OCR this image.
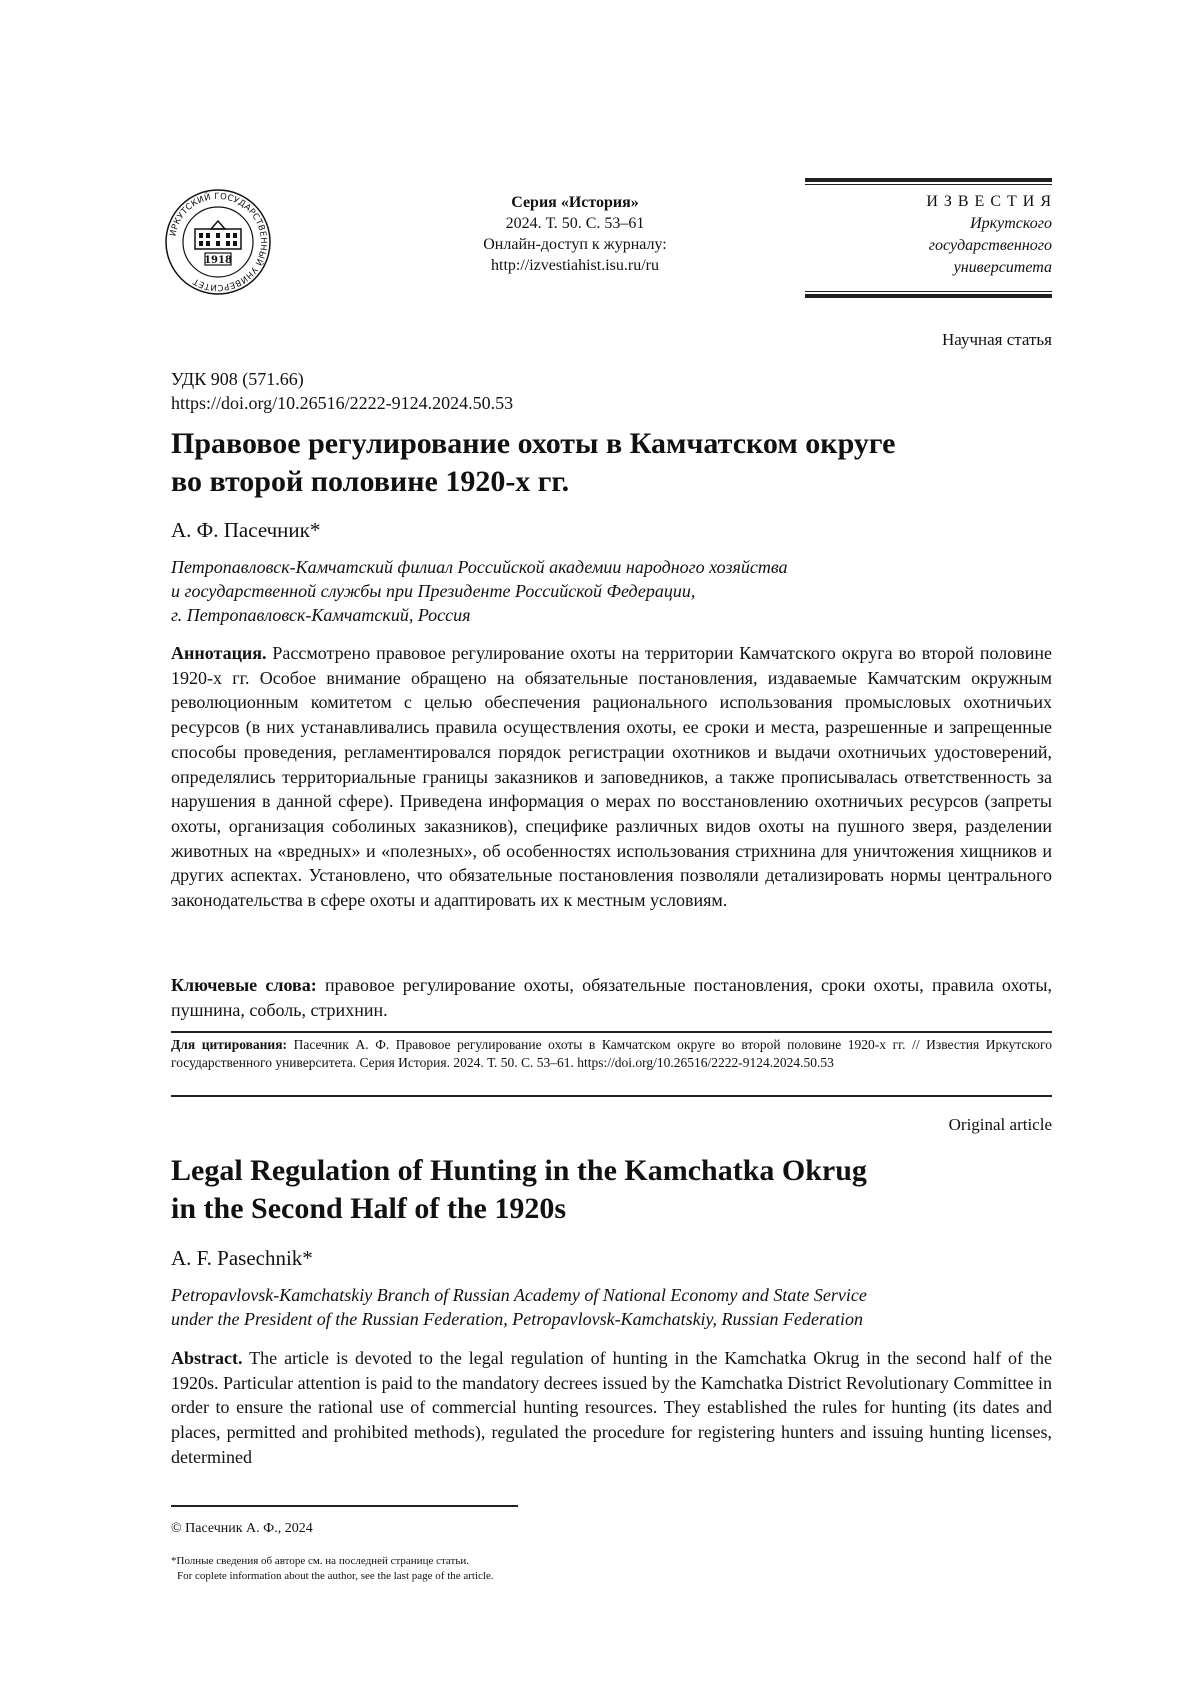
ИРКУТСКИЙ ГОСУДАРСТВЕННЫЙ УНИВЕРСИТЕТ
1918
Серия «История»
2024. Т. 50. С. 53–61
Онлайн-доступ к журналу:
http://izvestiahist.isu.ru/ru
И З В Е С Т И Я
Иркутского
государственного
университета
Научная статья
УДК 908 (571.66)
https://doi.org/10.26516/2222-9124.2024.50.53
Правовое регулирование охоты в Камчатском округе
во второй половине 1920-х гг.
А. Ф. Пасечник*
Петропавловск-Камчатский филиал Российской академии народного хозяйства
и государственной службы при Президенте Российской Федерации,
г. Петропавловск-Камчатский, Россия
Аннотация. Рассмотрено правовое регулирование охоты на территории Камчатского округа во второй половине 1920-х гг. Особое внимание обращено на обязательные постановления, издаваемые Камчатским окружным революционным комитетом с целью обеспечения рационального использования промысловых охотничьих ресурсов (в них устанавливались правила осуществления охоты, ее сроки и места, разрешенные и запрещенные способы проведения, регламентировался порядок регистрации охотников и выдачи охотничьих удостоверений, определялись территориальные границы заказников и заповедников, а также прописывалась ответственность за нарушения в данной сфере). Приведена информация о мерах по восстановлению охотничьих ресурсов (запреты охоты, организация соболиных заказников), специфике различных видов охоты на пушного зверя, разделении животных на «вредных» и «полезных», об особенностях использования стрихнина для уничтожения хищников и других аспектах. Установлено, что обязательные постановления позволяли детализировать нормы центрального законодательства в сфере охоты и адаптировать их к местным условиям.
Ключевые слова: правовое регулирование охоты, обязательные постановления, сроки охоты, правила охоты, пушнина, соболь, стрихнин.
Для цитирования: Пасечник А. Ф. Правовое регулирование охоты в Камчатском округе во второй половине 1920-х гг. // Известия Иркутского государственного университета. Серия История. 2024. Т. 50. С. 53–61. https://doi.org/10.26516/2222-9124.2024.50.53
Original article
Legal Regulation of Hunting in the Kamchatka Okrug
in the Second Half of the 1920s
A. F. Pasechnik*
Petropavlovsk-Kamchatskiy Branch of Russian Academy of National Economy and State Service
under the President of the Russian Federation, Petropavlovsk-Kamchatskiy, Russian Federation
Abstract. The article is devoted to the legal regulation of hunting in the Kamchatka Okrug in the second half of the 1920s. Particular attention is paid to the mandatory decrees issued by the Kamchatka District Revolutionary Committee in order to ensure the rational use of commercial hunting resources. They established the rules for hunting (its dates and places, permitted and prohibited methods), regulated the procedure for registering hunters and issuing hunting licenses, determined
© Пасечник А. Ф., 2024
*Полные сведения об авторе см. на последней странице статьи.
For coplete information about the author, see the last page of the article.
